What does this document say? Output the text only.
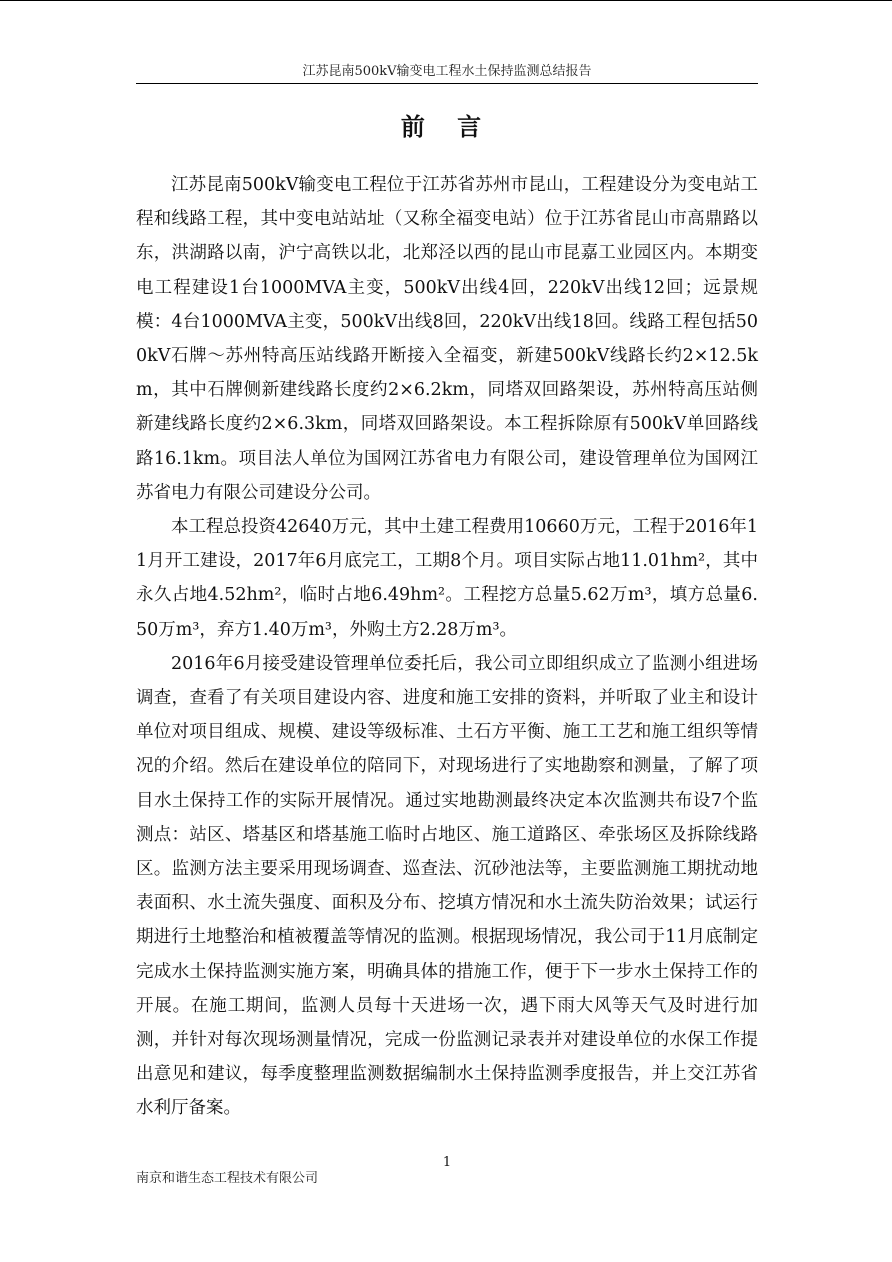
江苏昆南500kV输变电工程水土保持监测总结报告
前 言

江苏昆南500kV输变电工程位于江苏省苏州市昆山，工程建设分为变电站工程和线路工程，其中变电站站址（又称全福变电站）位于江苏省昆山市高鼎路以东，洪湖路以南，沪宁高铁以北，北郑泾以西的昆山市昆嘉工业园区内。本期变电工程建设1台1000MVA主变，500kV出线4回，220kV出线12回；远景规模：4台1000MVA主变，500kV出线8回，220kV出线18回。线路工程包括500kV石牌～苏州特高压站线路开断接入全福变，新建500kV线路长约2×12.5km，其中石牌侧新建线路长度约2×6.2km，同塔双回路架设，苏州特高压站侧新建线路长度约2×6.3km，同塔双回路架设。本工程拆除原有500kV单回路线路16.1km。项目法人单位为国网江苏省电力有限公司，建设管理单位为国网江苏省电力有限公司建设分公司。

本工程总投资42640万元，其中土建工程费用10660万元，工程于2016年11月开工建设，2017年6月底完工，工期8个月。项目实际占地11.01hm²，其中永久占地4.52hm²，临时占地6.49hm²。工程挖方总量5.62万m³，填方总量6.50万m³，弃方1.40万m³，外购土方2.28万m³。

2016年6月接受建设管理单位委托后，我公司立即组织成立了监测小组进场调查，查看了有关项目建设内容、进度和施工安排的资料，并听取了业主和设计单位对项目组成、规模、建设等级标准、土石方平衡、施工工艺和施工组织等情况的介绍。然后在建设单位的陪同下，对现场进行了实地勘察和测量，了解了项目水土保持工作的实际开展情况。通过实地勘测最终决定本次监测共布设7个监测点：站区、塔基区和塔基施工临时占地区、施工道路区、牵张场区及拆除线路区。监测方法主要采用现场调查、巡查法、沉砂池法等，主要监测施工期扰动地表面积、水土流失强度、面积及分布、挖填方情况和水土流失防治效果；试运行期进行土地整治和植被覆盖等情况的监测。根据现场情况，我公司于11月底制定完成水土保持监测实施方案，明确具体的措施工作，便于下一步水土保持工作的开展。在施工期间，监测人员每十天进场一次，遇下雨大风等天气及时进行加测，并针对每次现场测量情况，完成一份监测记录表并对建设单位的水保工作提出意见和建议，每季度整理监测数据编制水土保持监测季度报告，并上交江苏省水利厅备案。

1
南京和谐生态工程技术有限公司
